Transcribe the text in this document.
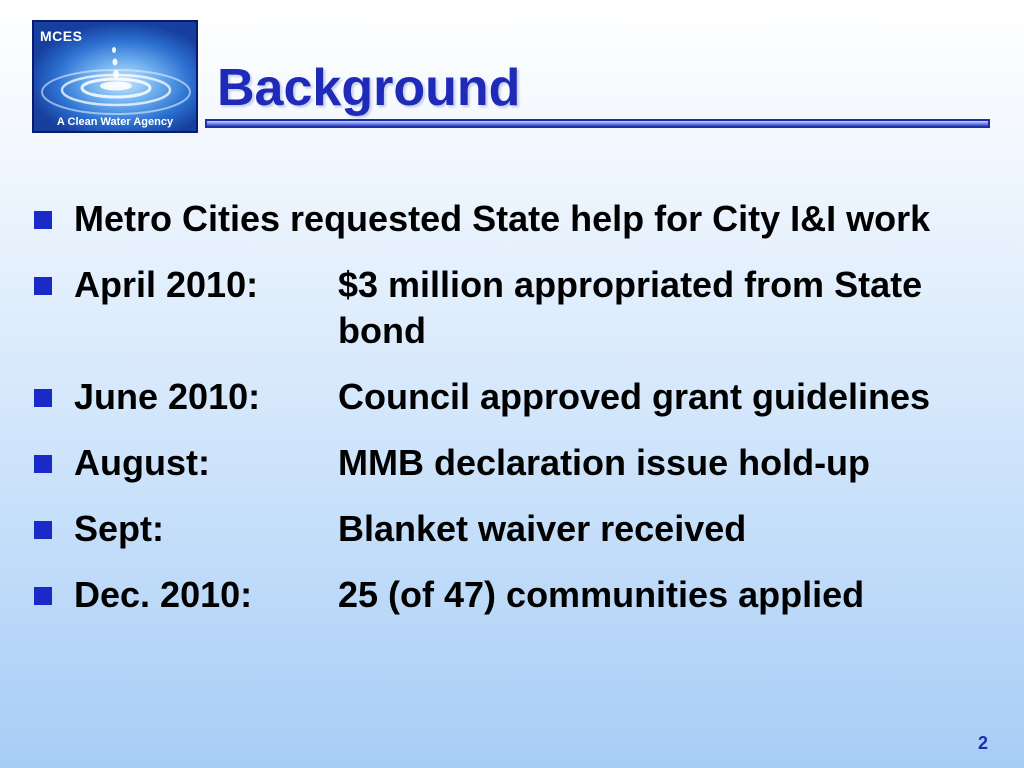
MCES
A Clean Water Agency
Background
Metro Cities requested State help for City I&I work
April 2010:	$3 million appropriated from State bond
June 2010:	Council approved grant guidelines
August:	MMB declaration issue hold-up
Sept:	Blanket waiver received
Dec. 2010:	25 (of 47) communities applied
2
